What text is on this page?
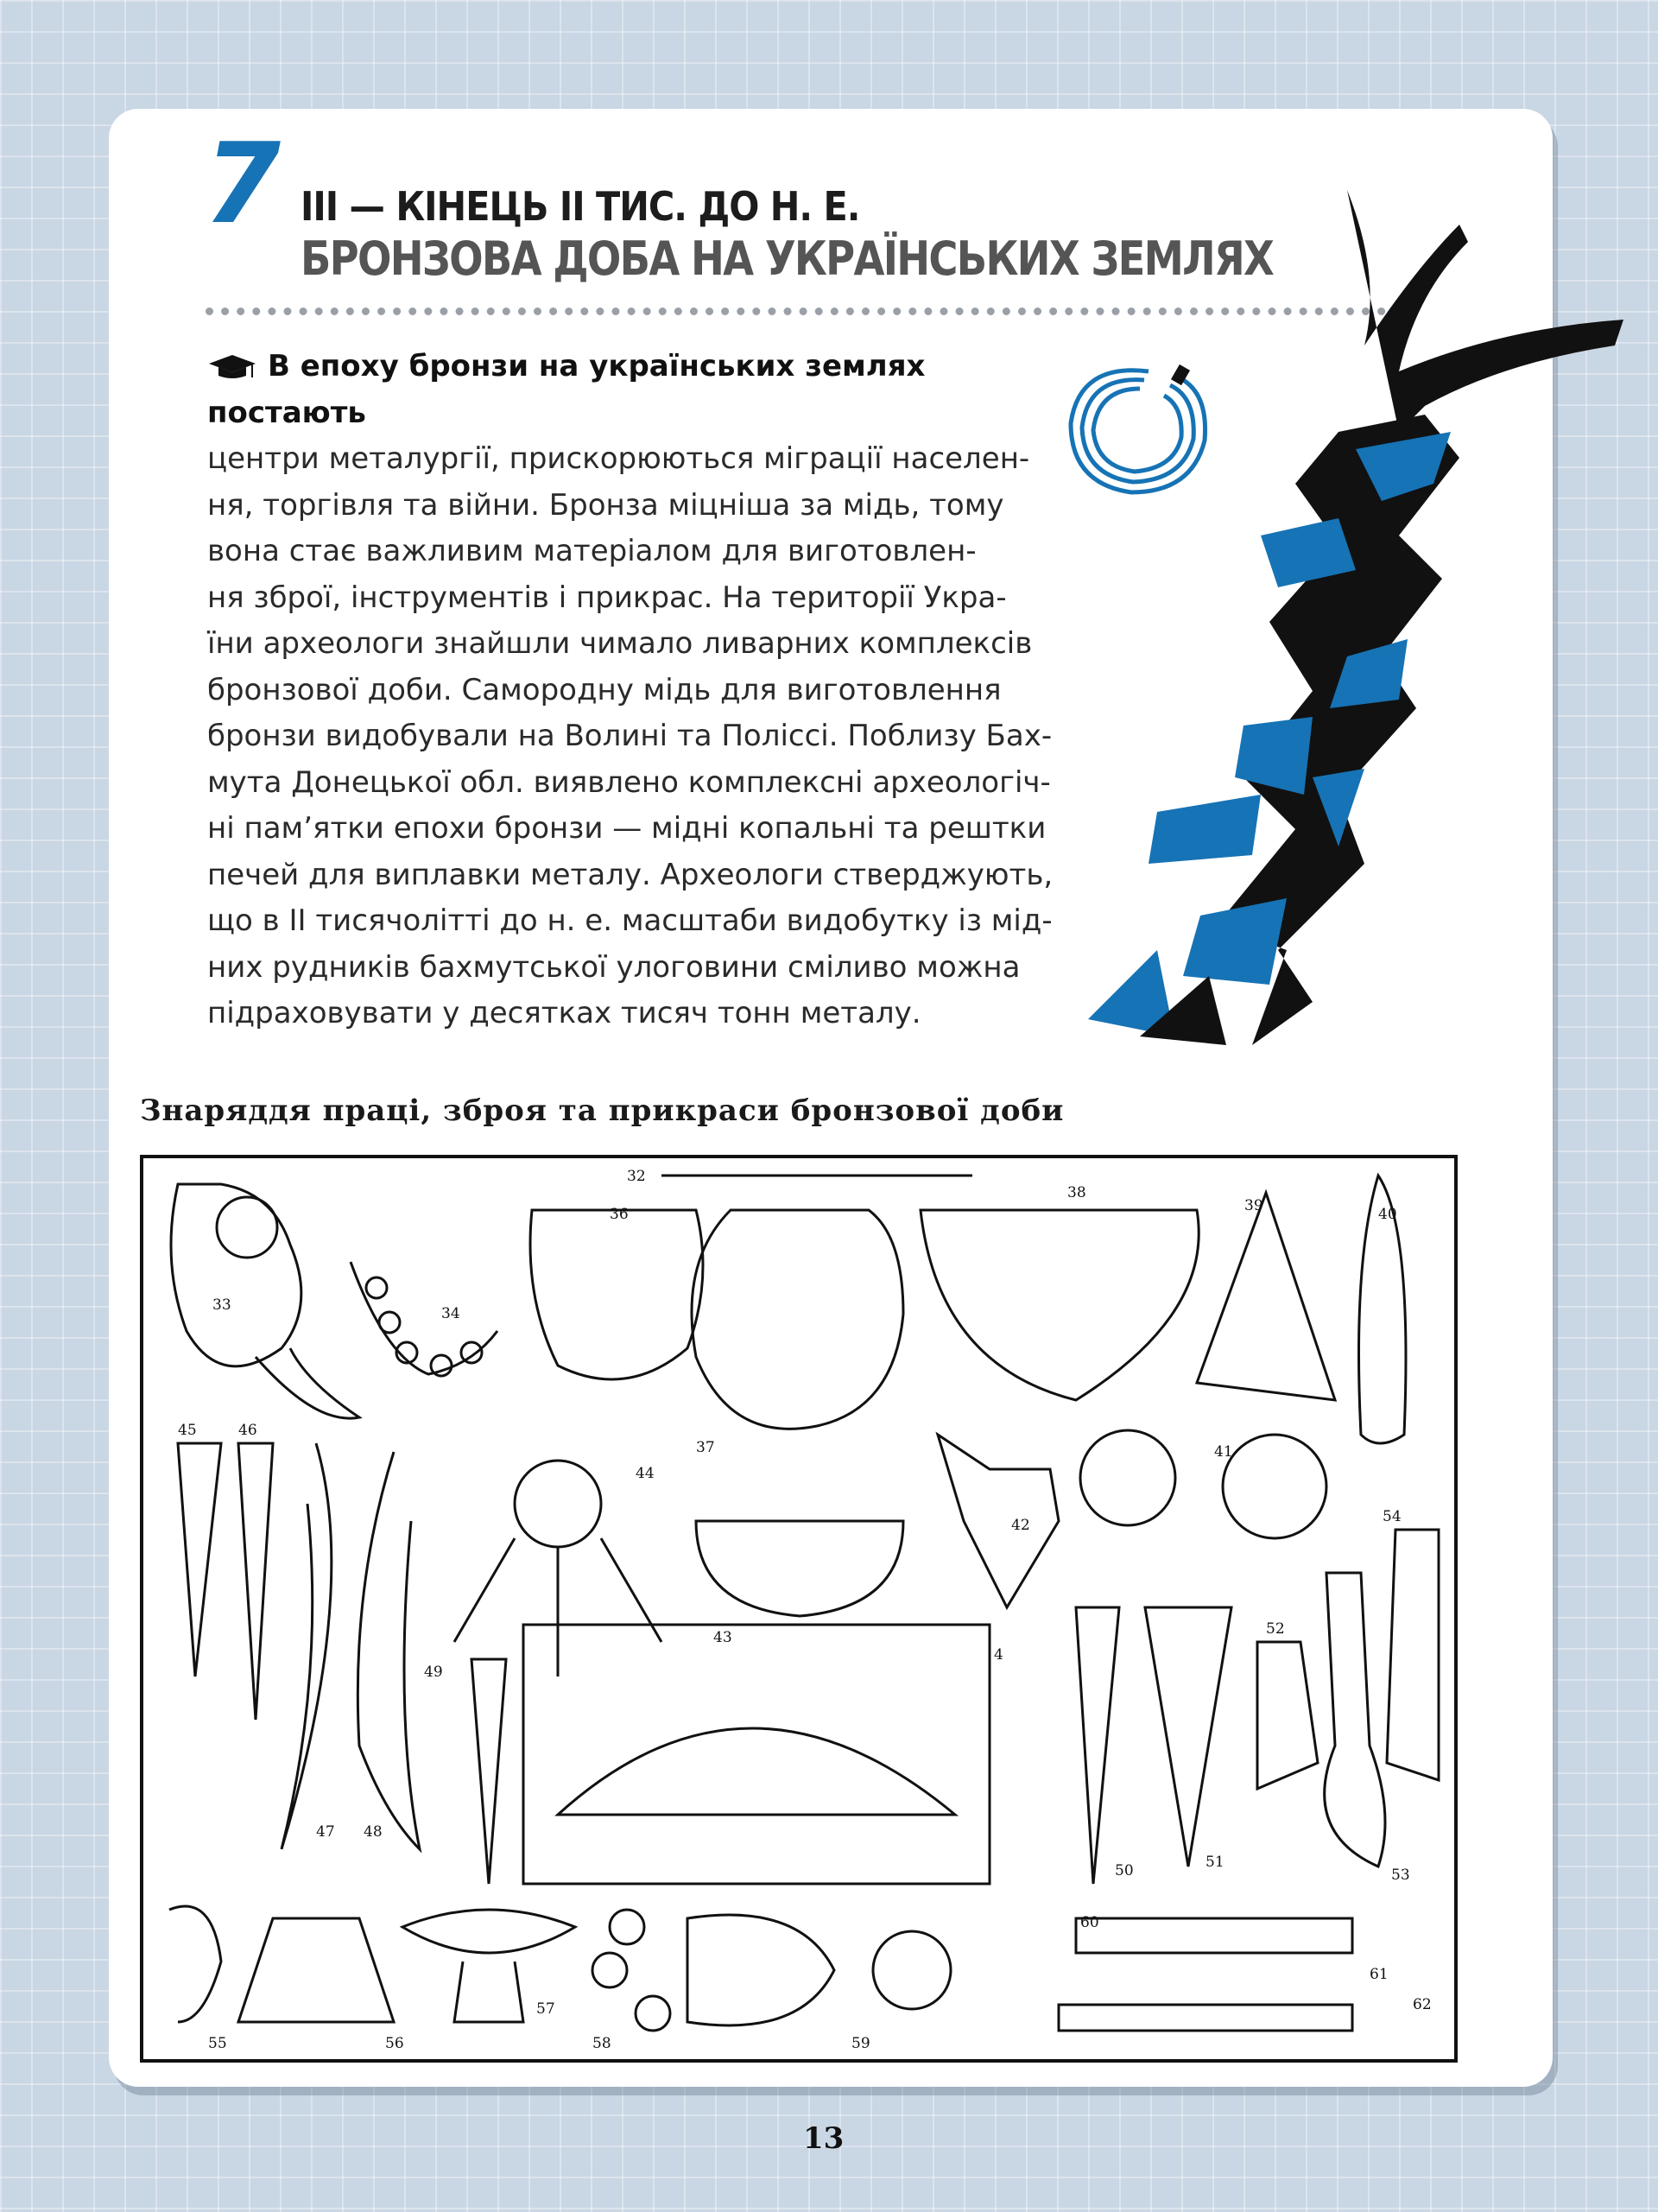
7 ІІІ — КІНЕЦЬ ІІ ТИС. ДО Н. Е.
БРОНЗОВА ДОБА НА УКРАЇНСЬКИХ ЗЕМЛЯХ
В епоху бронзи на українських землях постають
центри металургії, прискорюються міграції населен-
ня, торгівля та війни. Бронза міцніша за мідь, тому
вона стає важливим матеріалом для виготовлен-
ня зброї, інструментів і прикрас. На території Укра-
їни археологи знайшли чимало ливарних комплексів
бронзової доби. Самородну мідь для виготовлення
бронзи видобували на Волині та Поліссі. Поблизу Бах-
мута Донецької обл. виявлено комплексні археологіч-
ні пам’ятки епохи бронзи — мідні копальні та рештки
печей для виплавки металу. Археологи стверджують,
що в ІІ тисячолітті до н. е. масштаби видобутку із мід-
них рудників бахмутської улоговини сміливо можна
підраховувати у десятках тисяч тонн металу.
Знаряддя праці, зброя та прикраси бронзової доби
32
33	34
36
37
38
39	40
41
42
43
44
45	46
47 48
49
50	51
52
53
54
55	56
57
58	59
60
61
62
4
13
